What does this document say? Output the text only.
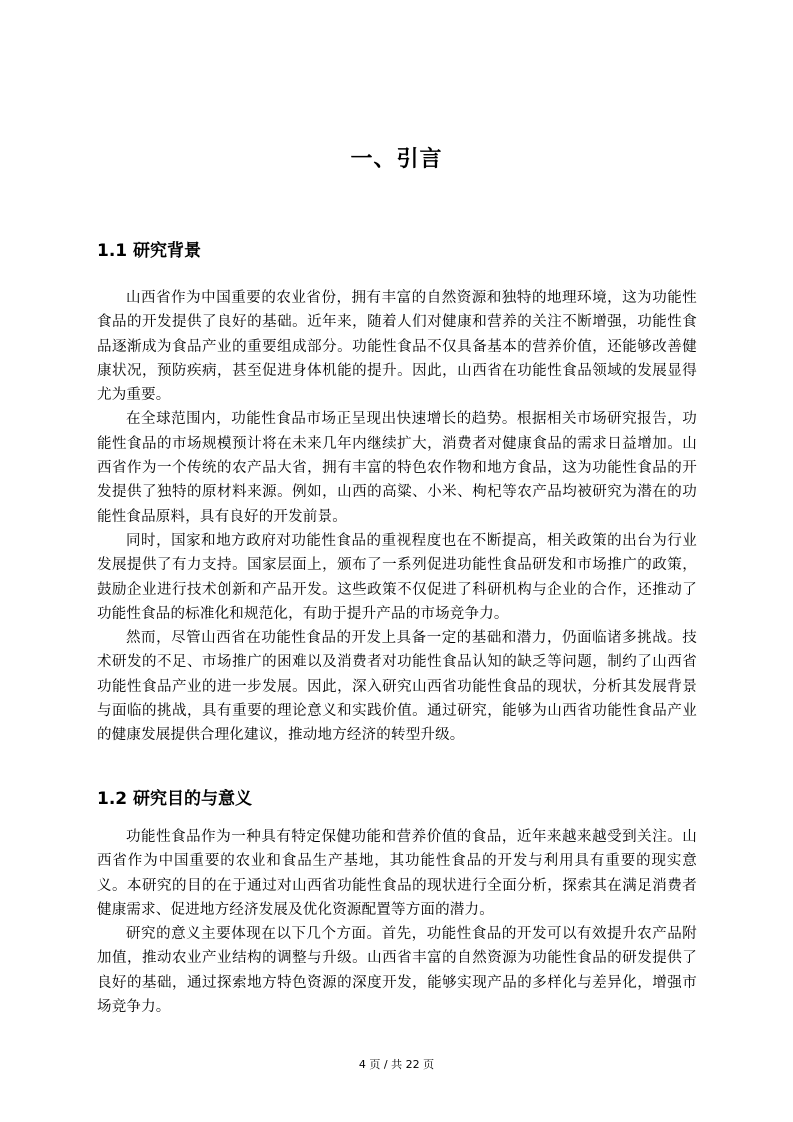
一、引言
1.1 研究背景

山西省作为中国重要的农业省份，拥有丰富的自然资源和独特的地理环境，这为功能性食品的开发提供了良好的基础。近年来，随着人们对健康和营养的关注不断增强，功能性食品逐渐成为食品产业的重要组成部分。功能性食品不仅具备基本的营养价值，还能够改善健康状况，预防疾病，甚至促进身体机能的提升。因此，山西省在功能性食品领域的发展显得尤为重要。

在全球范围内，功能性食品市场正呈现出快速增长的趋势。根据相关市场研究报告，功能性食品的市场规模预计将在未来几年内继续扩大，消费者对健康食品的需求日益增加。山西省作为一个传统的农产品大省，拥有丰富的特色农作物和地方食品，这为功能性食品的开发提供了独特的原材料来源。例如，山西的高粱、小米、枸杞等农产品均被研究为潜在的功能性食品原料，具有良好的开发前景。

同时，国家和地方政府对功能性食品的重视程度也在不断提高，相关政策的出台为行业发展提供了有力支持。国家层面上，颁布了一系列促进功能性食品研发和市场推广的政策，鼓励企业进行技术创新和产品开发。这些政策不仅促进了科研机构与企业的合作，还推动了功能性食品的标准化和规范化，有助于提升产品的市场竞争力。

然而，尽管山西省在功能性食品的开发上具备一定的基础和潜力，仍面临诸多挑战。技术研发的不足、市场推广的困难以及消费者对功能性食品认知的缺乏等问题，制约了山西省功能性食品产业的进一步发展。因此，深入研究山西省功能性食品的现状，分析其发展背景与面临的挑战，具有重要的理论意义和实践价值。通过研究，能够为山西省功能性食品产业的健康发展提供合理化建议，推动地方经济的转型升级。

1.2 研究目的与意义

功能性食品作为一种具有特定保健功能和营养价值的食品，近年来越来越受到关注。山西省作为中国重要的农业和食品生产基地，其功能性食品的开发与利用具有重要的现实意义。本研究的目的在于通过对山西省功能性食品的现状进行全面分析，探索其在满足消费者健康需求、促进地方经济发展及优化资源配置等方面的潜力。

研究的意义主要体现在以下几个方面。首先，功能性食品的开发可以有效提升农产品附加值，推动农业产业结构的调整与升级。山西省丰富的自然资源为功能性食品的研发提供了良好的基础，通过探索地方特色资源的深度开发，能够实现产品的多样化与差异化，增强市场竞争力。

4 页 / 共 22 页
